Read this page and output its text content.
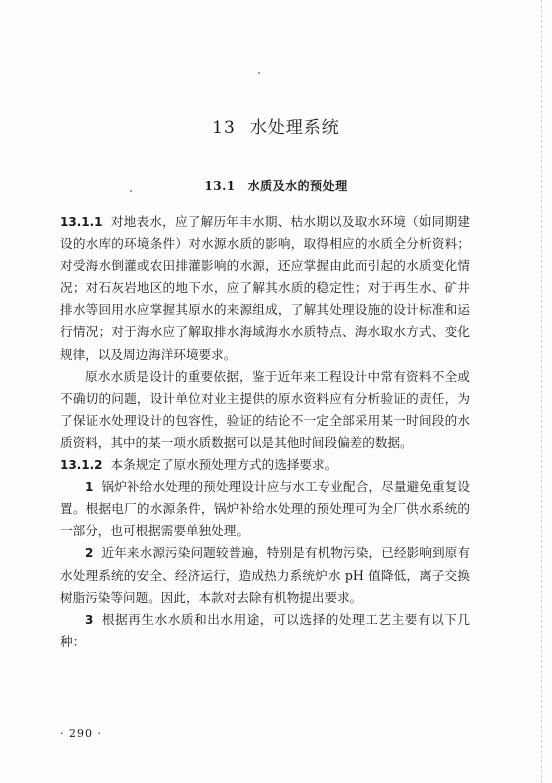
13 水处理系统
13.1 水质及水的预处理

13.1.1 对地表水，应了解历年丰水期、枯水期以及取水环境（如同期建设的水库的环境条件）对水源水质的影响，取得相应的水质全分析资料；对受海水倒灌或农田排灌影响的水源，还应掌握由此而引起的水质变化情况；对石灰岩地区的地下水，应了解其水质的稳定性；对于再生水、矿井排水等回用水应掌握其原水的来源组成，了解其处理设施的设计标准和运行情况；对于海水应了解取排水海域海水水质特点、海水取水方式、变化规律，以及周边海洋环境要求。

原水水质是设计的重要依据，鉴于近年来工程设计中常有资料不全或不确切的问题，设计单位对业主提供的原水资料应有分析验证的责任，为了保证水处理设计的包容性，验证的结论不一定全部采用某一时间段的水质资料，其中的某一项水质数据可以是其他时间段偏差的数据。

13.1.2 本条规定了原水预处理方式的选择要求。

1 锅炉补给水处理的预处理设计应与水工专业配合，尽量避免重复设置。根据电厂的水源条件，锅炉补给水处理的预处理可为全厂供水系统的一部分，也可根据需要单独处理。

2 近年来水源污染问题较普遍，特别是有机物污染，已经影响到原有水处理系统的安全、经济运行，造成热力系统炉水 pH 值降低，离子交换树脂污染等问题。因此，本款对去除有机物提出要求。

3 根据再生水水质和出水用途，可以选择的处理工艺主要有以下几种：

· 290 ·
